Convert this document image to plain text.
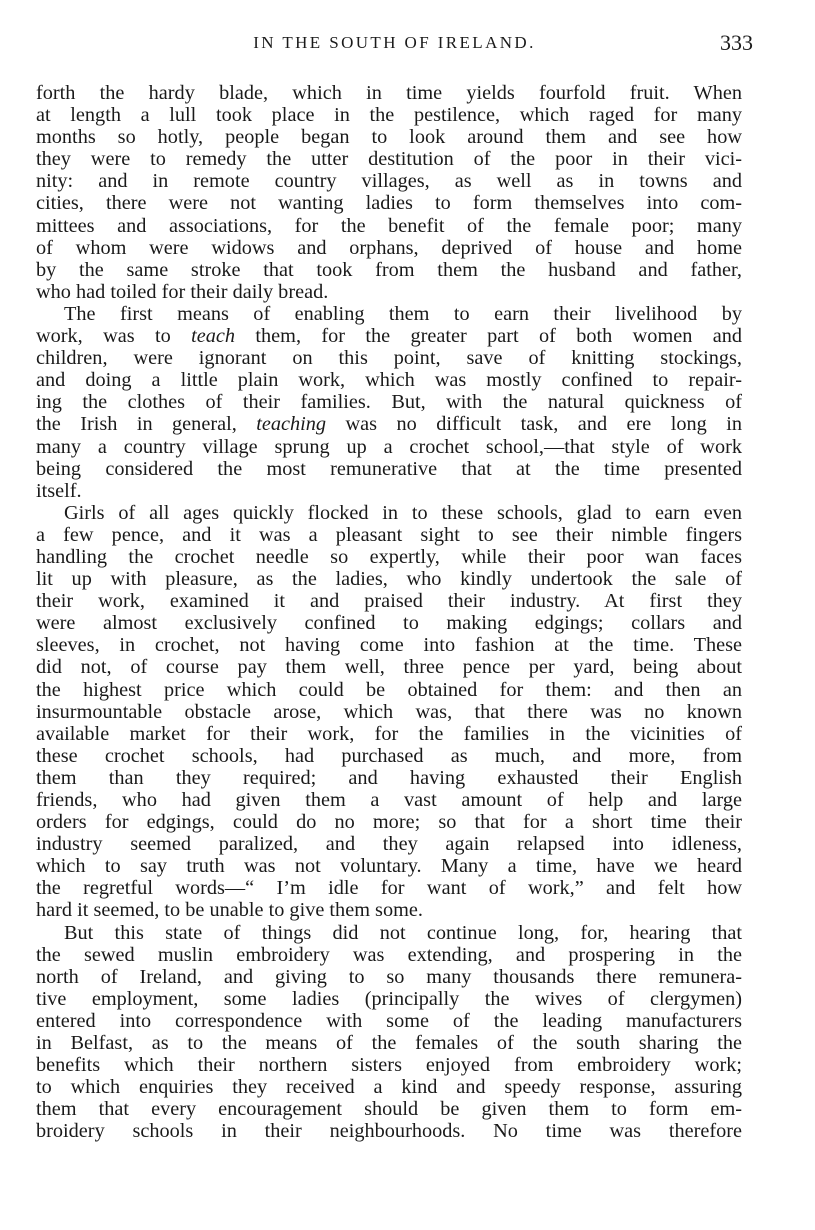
IN THE SOUTH OF IRELAND.	333
forth the hardy blade, which in time yields fourfold fruit. When
at length a lull took place in the pestilence, which raged for many
months so hotly, people began to look around them and see how
they were to remedy the utter destitution of the poor in their vici-
nity: and in remote country villages, as well as in towns and
cities, there were not wanting ladies to form themselves into com-
mittees and associations, for the benefit of the female poor; many
of whom were widows and orphans, deprived of house and home
by the same stroke that took from them the husband and father,
who had toiled for their daily bread.
The first means of enabling them to earn their livelihood by
work, was to teach them, for the greater part of both women and
children, were ignorant on this point, save of knitting stockings,
and doing a little plain work, which was mostly confined to repair-
ing the clothes of their families. But, with the natural quickness of
the Irish in general, teaching was no difficult task, and ere long in
many a country village sprung up a crochet school,—that style of work
being considered the most remunerative that at the time presented
itself.
Girls of all ages quickly flocked in to these schools, glad to earn even
a few pence, and it was a pleasant sight to see their nimble fingers
handling the crochet needle so expertly, while their poor wan faces
lit up with pleasure, as the ladies, who kindly undertook the sale of
their work, examined it and praised their industry. At first they
were almost exclusively confined to making edgings; collars and
sleeves, in crochet, not having come into fashion at the time. These
did not, of course pay them well, three pence per yard, being about
the highest price which could be obtained for them: and then an
insurmountable obstacle arose, which was, that there was no known
available market for their work, for the families in the vicinities of
these crochet schools, had purchased as much, and more, from
them than they required; and having exhausted their English
friends, who had given them a vast amount of help and large
orders for edgings, could do no more; so that for a short time their
industry seemed paralized, and they again relapsed into idleness,
which to say truth was not voluntary. Many a time, have we heard
the regretful words—“ I’m idle for want of work,” and felt how
hard it seemed, to be unable to give them some.
But this state of things did not continue long, for, hearing that
the sewed muslin embroidery was extending, and prospering in the
north of Ireland, and giving to so many thousands there remunera-
tive employment, some ladies (principally the wives of clergymen)
entered into correspondence with some of the leading manufacturers
in Belfast, as to the means of the females of the south sharing the
benefits which their northern sisters enjoyed from embroidery work;
to which enquiries they received a kind and speedy response, assuring
them that every encouragement should be given them to form em-
broidery schools in their neighbourhoods. No time was therefore
